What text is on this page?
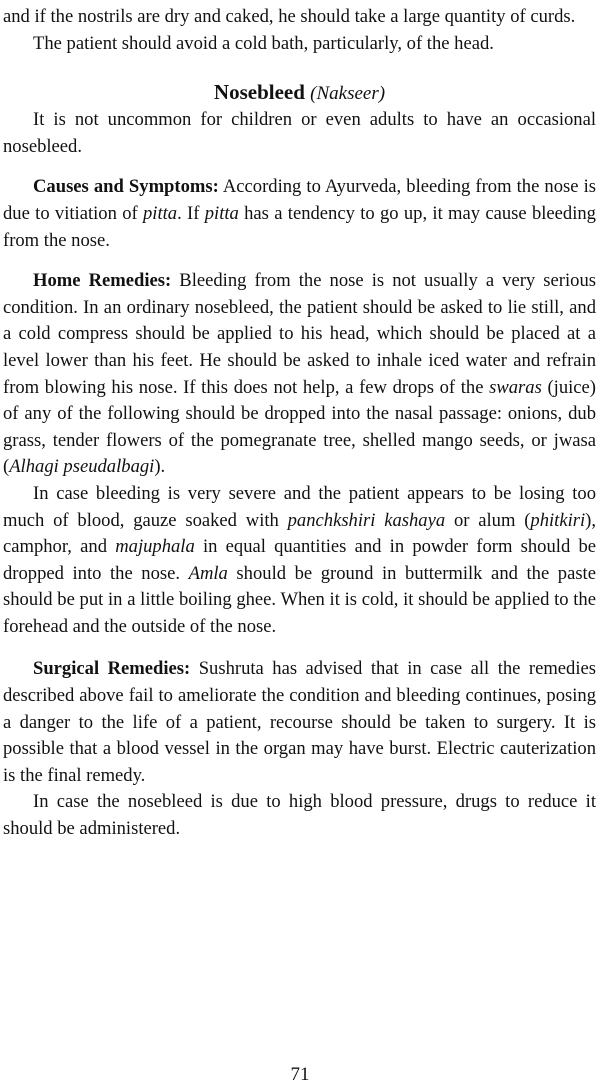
and if the nostrils are dry and caked, he should take a large quantity of curds.

The patient should avoid a cold bath, particularly, of the head.

Nosebleed (Nakseer)

It is not uncommon for children or even adults to have an occasional nosebleed.

Causes and Symptoms: According to Ayurveda, bleeding from the nose is due to vitiation of pitta. If pitta has a tendency to go up, it may cause bleeding from the nose.

Home Remedies: Bleeding from the nose is not usually a very serious condition. In an ordinary nosebleed, the patient should be asked to lie still, and a cold compress should be applied to his head, which should be placed at a level lower than his feet. He should be asked to inhale iced water and refrain from blowing his nose. If this does not help, a few drops of the swaras (juice) of any of the following should be dropped into the nasal passage: onions, dub grass, tender flowers of the pomegranate tree, shelled mango seeds, or jwasa (Alhagi pseudalbagi).

In case bleeding is very severe and the patient appears to be losing too much of blood, gauze soaked with panchkshiri kashaya or alum (phitkiri), camphor, and majuphala in equal quantities and in powder form should be dropped into the nose. Amla should be ground in buttermilk and the paste should be put in a little boiling ghee. When it is cold, it should be applied to the forehead and the outside of the nose.

Surgical Remedies: Sushruta has advised that in case all the remedies described above fail to ameliorate the condition and bleeding continues, posing a danger to the life of a patient, recourse should be taken to surgery. It is possible that a blood vessel in the organ may have burst. Electric cauterization is the final remedy.

In case the nosebleed is due to high blood pressure, drugs to reduce it should be administered.

71
